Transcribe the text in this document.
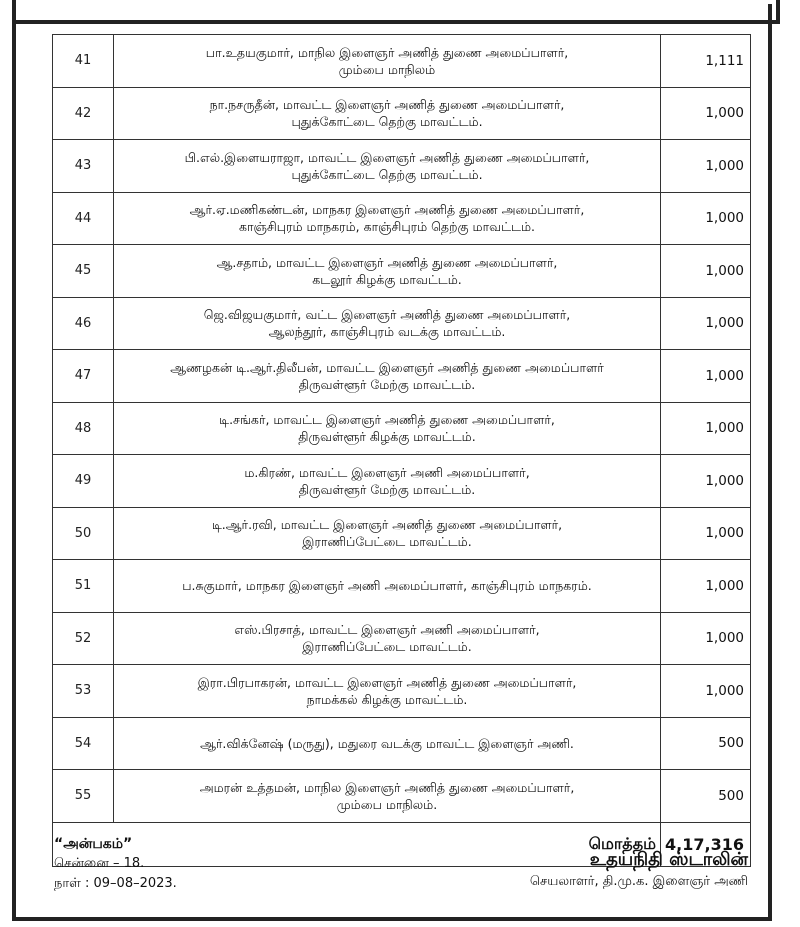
41	பா.உதயகுமார், மாநில இளைஞர் அணித் துணை அமைப்பாளர்,
மும்பை மாநிலம்	1,111
42	நா.நசருதீன், மாவட்ட இளைஞர் அணித் துணை அமைப்பாளர்,
புதுக்கோட்டை தெற்கு மாவட்டம்.	1,000
43	பி.எல்.இளையராஜா, மாவட்ட இளைஞர் அணித் துணை அமைப்பாளர்,
புதுக்கோட்டை தெற்கு மாவட்டம்.	1,000
44	ஆர்.ஏ.மணிகண்டன், மாநகர இளைஞர் அணித் துணை அமைப்பாளர்,
காஞ்சிபுரம் மாநகரம், காஞ்சிபுரம் தெற்கு மாவட்டம்.	1,000
45	ஆ.சதாம், மாவட்ட இளைஞர் அணித் துணை அமைப்பாளர்,
கடலூர் கிழக்கு மாவட்டம்.	1,000
46	ஜெ.விஜயகுமார், வட்ட இளைஞர் அணித் துணை அமைப்பாளர்,
ஆலந்தூர், காஞ்சிபுரம் வடக்கு மாவட்டம்.	1,000
47	ஆணழகன் டி.ஆர்.திலீபன், மாவட்ட இளைஞர் அணித் துணை அமைப்பாளர்
திருவள்ளூர் மேற்கு மாவட்டம்.	1,000
48	டி.சங்கர், மாவட்ட இளைஞர் அணித் துணை அமைப்பாளர்,
திருவள்ளூர் கிழக்கு மாவட்டம்.	1,000
49	ம.கிரண், மாவட்ட இளைஞர் அணி அமைப்பாளர்,
திருவள்ளூர் மேற்கு மாவட்டம்.	1,000
50	டி.ஆர்.ரவி, மாவட்ட இளைஞர் அணித் துணை அமைப்பாளர்,
இராணிப்பேட்டை மாவட்டம்.	1,000
51	ப.சுகுமார், மாநகர இளைஞர் அணி அமைப்பாளர், காஞ்சிபுரம் மாநகரம்.	1,000
52	எஸ்.பிரசாத், மாவட்ட இளைஞர் அணி அமைப்பாளர்,
இராணிப்பேட்டை மாவட்டம்.	1,000
53	இரா.பிரபாகரன், மாவட்ட இளைஞர் அணித் துணை அமைப்பாளர்,
நாமக்கல் கிழக்கு மாவட்டம்.	1,000
54	ஆர்.விக்னேஷ் (மருது), மதுரை வடக்கு மாவட்ட இளைஞர் அணி.	500
55	அமரன் உத்தமன், மாநில இளைஞர் அணித் துணை அமைப்பாளர்,
மும்பை மாநிலம்.	500
மொத்தம்		4,17,316
“அன்பகம்”
சென்னை – 18.
நாள் : 09–08–2023.
உதயநிதி ஸ்டாலின்
செயலாளர், தி.மு.க. இளைஞர் அணி
